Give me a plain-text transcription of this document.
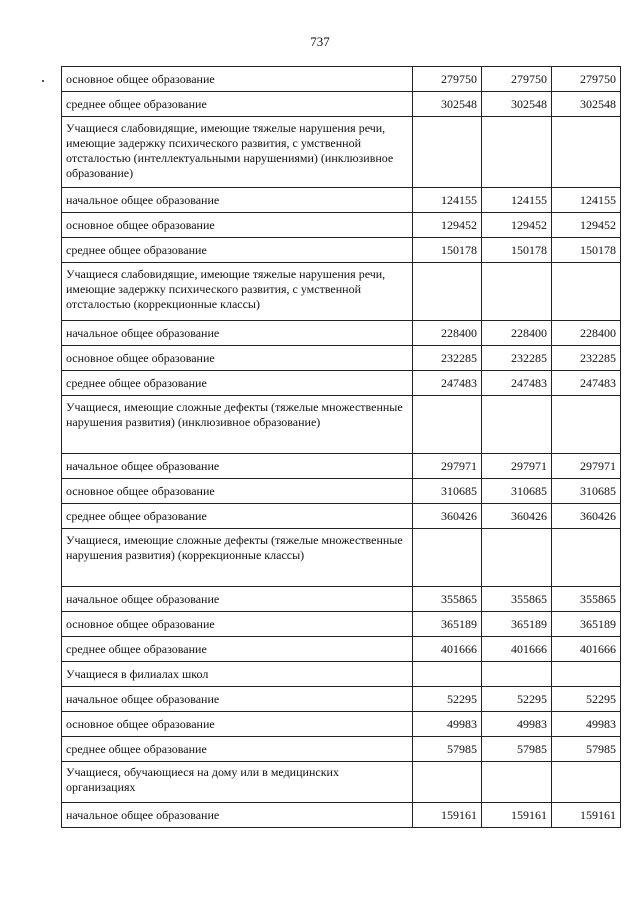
737
основное общее образование	279750	279750	279750
среднее общее образование	302548	302548	302548
Учащиеся слабовидящие, имеющие тяжелые нарушения речи, имеющие задержку психического развития, с умственной отсталостью (интеллектуальными нарушениями) (инклюзивное образование)			
начальное общее образование	124155	124155	124155
основное общее образование	129452	129452	129452
среднее общее образование	150178	150178	150178
Учащиеся слабовидящие, имеющие тяжелые нарушения речи, имеющие задержку психического развития, с умственной отсталостью (коррекционные классы)			
начальное общее образование	228400	228400	228400
основное общее образование	232285	232285	232285
среднее общее образование	247483	247483	247483
Учащиеся, имеющие сложные дефекты (тяжелые множественные нарушения развития) (инклюзивное образование)			
начальное общее образование	297971	297971	297971
основное общее образование	310685	310685	310685
среднее общее образование	360426	360426	360426
Учащиеся, имеющие сложные дефекты (тяжелые множественные нарушения развития) (коррекционные классы)			
начальное общее образование	355865	355865	355865
основное общее образование	365189	365189	365189
среднее общее образование	401666	401666	401666
Учащиеся в филиалах школ			
начальное общее образование	52295	52295	52295
основное общее образование	49983	49983	49983
среднее общее образование	57985	57985	57985
Учащиеся, обучающиеся на дому или в медицинских организациях			
начальное общее образование	159161	159161	159161
